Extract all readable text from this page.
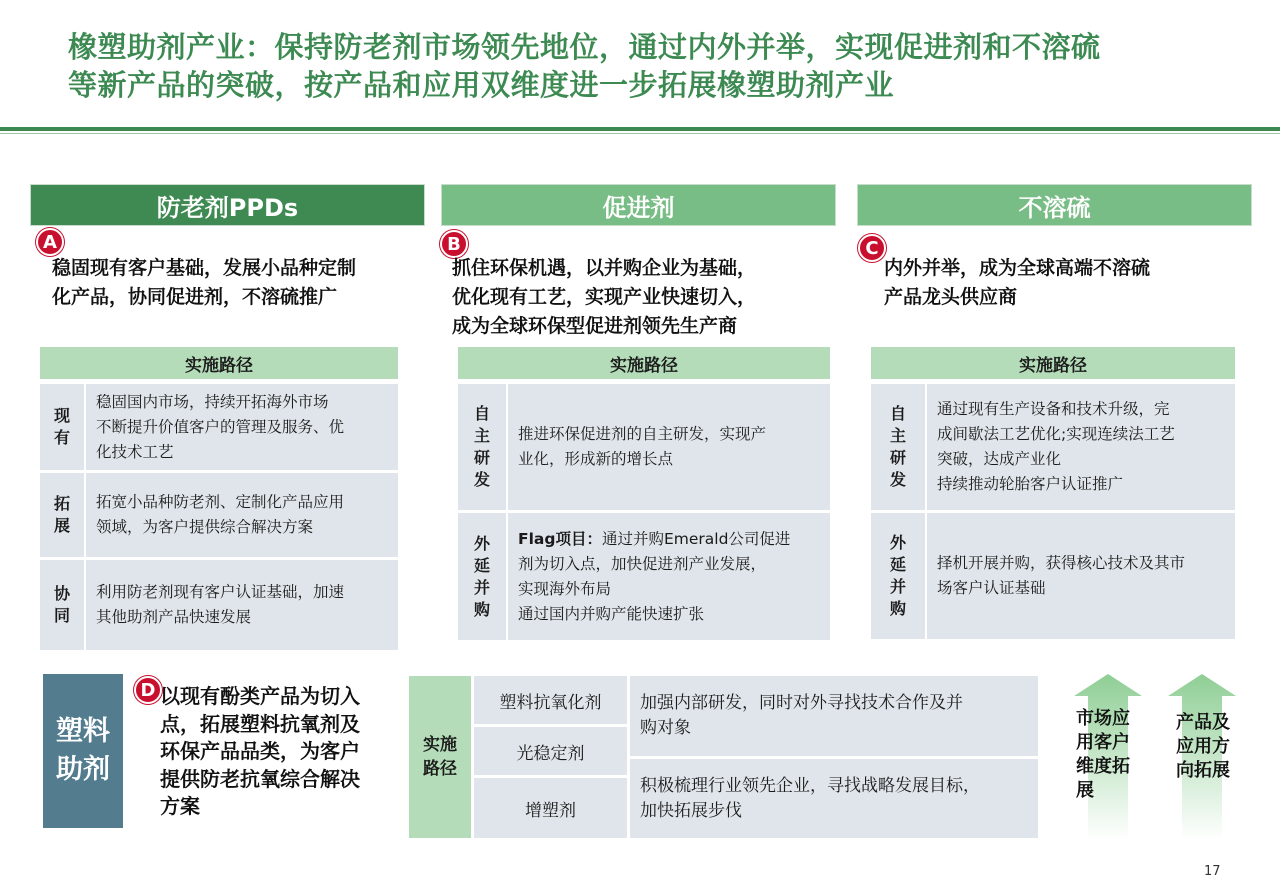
橡塑助剂产业：保持防老剂市场领先地位，通过内外并举，实现促进剂和不溶硫
等新产品的突破，按产品和应用双维度进一步拓展橡塑助剂产业
防老剂PPDs
A
稳固现有客户基础，发展小品种定制
化产品，协同促进剂，不溶硫推广
实施路径
现
有
稳固国内市场，持续开拓海外市场
不断提升价值客户的管理及服务、优
化技术工艺
拓
展
拓宽小品种防老剂、定制化产品应用
领域，为客户提供综合解决方案
协
同
利用防老剂现有客户认证基础，加速
其他助剂产品快速发展
促进剂
B
抓住环保机遇，以并购企业为基础，
优化现有工艺，实现产业快速切入，
成为全球环保型促进剂领先生产商
实施路径
自
主
研
发
推进环保促进剂的自主研发，实现产
业化，形成新的增长点
外
延
并
购
Flag项目：通过并购Emerald公司促进
剂为切入点，加快促进剂产业发展，
实现海外布局
通过国内并购产能快速扩张
不溶硫
C
内外并举，成为全球高端不溶硫
产品龙头供应商
实施路径
自
主
研
发
通过现有生产设备和技术升级，完
成间歇法工艺优化;实现连续法工艺
突破，达成产业化
持续推动轮胎客户认证推广
外
延
并
购
择机开展并购，获得核心技术及其市
场客户认证基础
塑料
助剂
D 以现有酚类产品为切入
点，拓展塑料抗氧剂及
环保产品品类，为客户
提供防老抗氧综合解决
方案
实施
路径
塑料抗氧化剂
光稳定剂
增塑剂
加强内部研发，同时对外寻找技术合作及并
购对象
积极梳理行业领先企业，寻找战略发展目标，
加快拓展步伐
市场应
用客户
维度拓
展
产品及
应用方
向拓展
17
